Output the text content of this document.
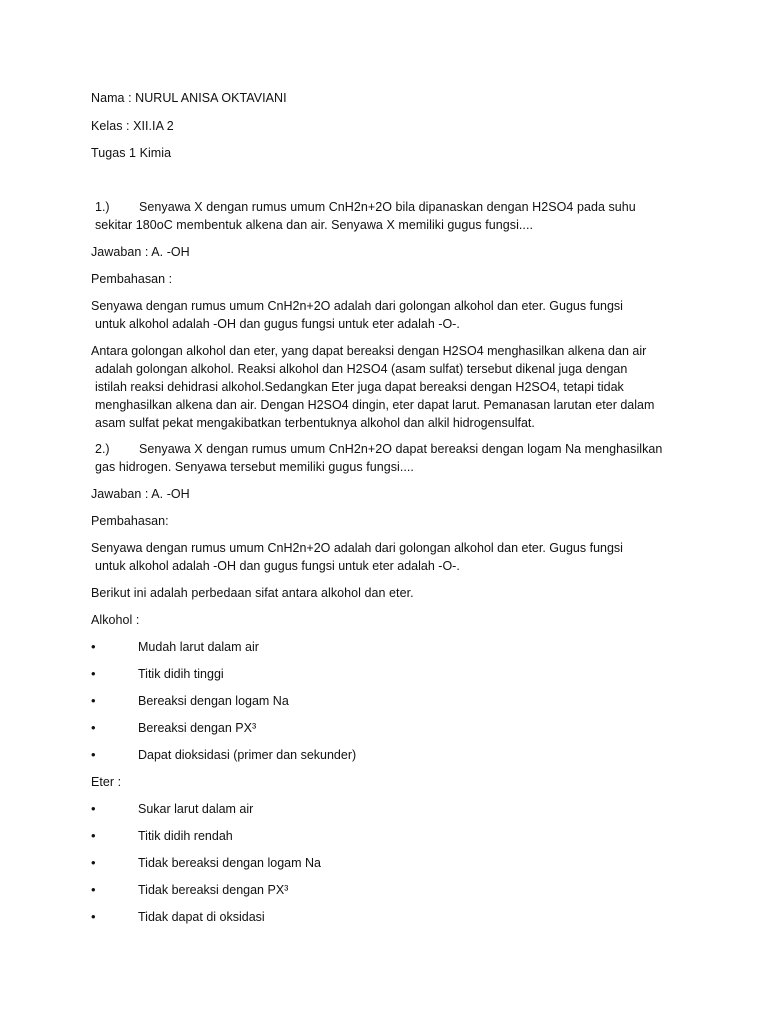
Nama : NURUL ANISA OKTAVIANI
Kelas : XII.IA 2
Tugas 1 Kimia
1.) Senyawa X dengan rumus umum CnH2n+2O bila dipanaskan dengan H2SO4 pada suhu
sekitar 180oC membentuk alkena dan air. Senyawa X memiliki gugus fungsi....
Jawaban : A. -OH
Pembahasan :
Senyawa dengan rumus umum CnH2n+2O adalah dari golongan alkohol dan eter. Gugus fungsi
untuk alkohol adalah -OH dan gugus fungsi untuk eter adalah -O-.
Antara golongan alkohol dan eter, yang dapat bereaksi dengan H2SO4 menghasilkan alkena dan air
adalah golongan alkohol. Reaksi alkohol dan H2SO4 (asam sulfat) tersebut dikenal juga dengan
istilah reaksi dehidrasi alkohol.Sedangkan Eter juga dapat bereaksi dengan H2SO4, tetapi tidak
menghasilkan alkena dan air. Dengan H2SO4 dingin, eter dapat larut. Pemanasan larutan eter dalam
asam sulfat pekat mengakibatkan terbentuknya alkohol dan alkil hidrogensulfat.
2.) Senyawa X dengan rumus umum CnH2n+2O dapat bereaksi dengan logam Na menghasilkan
gas hidrogen. Senyawa tersebut memiliki gugus fungsi....
Jawaban : A. -OH
Pembahasan:
Senyawa dengan rumus umum CnH2n+2O adalah dari golongan alkohol dan eter. Gugus fungsi
untuk alkohol adalah -OH dan gugus fungsi untuk eter adalah -O-.
Berikut ini adalah perbedaan sifat antara alkohol dan eter.
Alkohol :
•	Mudah larut dalam air
•	Titik didih tinggi
•	Bereaksi dengan logam Na
•	Bereaksi dengan PX³
•	Dapat dioksidasi (primer dan sekunder)
Eter :
•	Sukar larut dalam air
•	Titik didih rendah
•	Tidak bereaksi dengan logam Na
•	Tidak bereaksi dengan PX³
•	Tidak dapat di oksidasi
